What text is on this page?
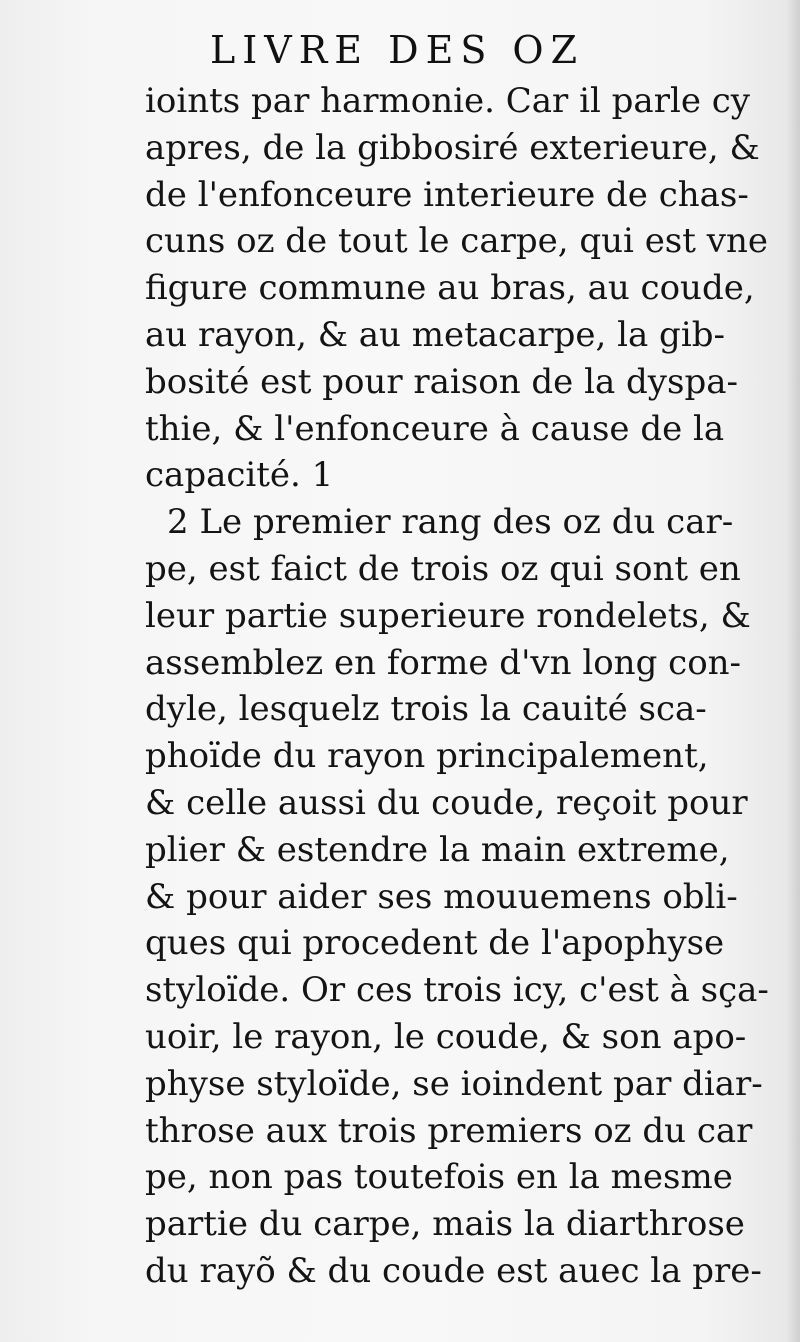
LIVRE DES OZ
ioints par harmonie. Car il parle cy
apres, de la gibbosiré exterieure, &
de l'enfonceure interieure de chas-
cuns oz de tout le carpe, qui est vne
figure commune au bras, au coude,
au rayon, & au metacarpe, la gib-
bosité est pour raison de la dyspa-
thie, & l'enfonceure à cause de la
capacité. 1
2 Le premier rang des oz du car-
pe, est faict de trois oz qui sont en
leur partie superieure rondelets, &
assemblez en forme d'vn long con-
dyle, lesquelz trois la cauité sca-
phoïde du rayon principalement,
& celle aussi du coude, reçoit pour
plier & estendre la main extreme,
& pour aider ses mouuemens obli-
ques qui procedent de l'apophyse
styloïde. Or ces trois icy, c'est à sça-
uoir, le rayon, le coude, & son apo-
physe styloïde, se ioindent par diar-
throse aux trois premiers oz du car
pe, non pas toutefois en la mesme
partie du carpe, mais la diarthrose
du rayõ & du coude est auec la pre-
